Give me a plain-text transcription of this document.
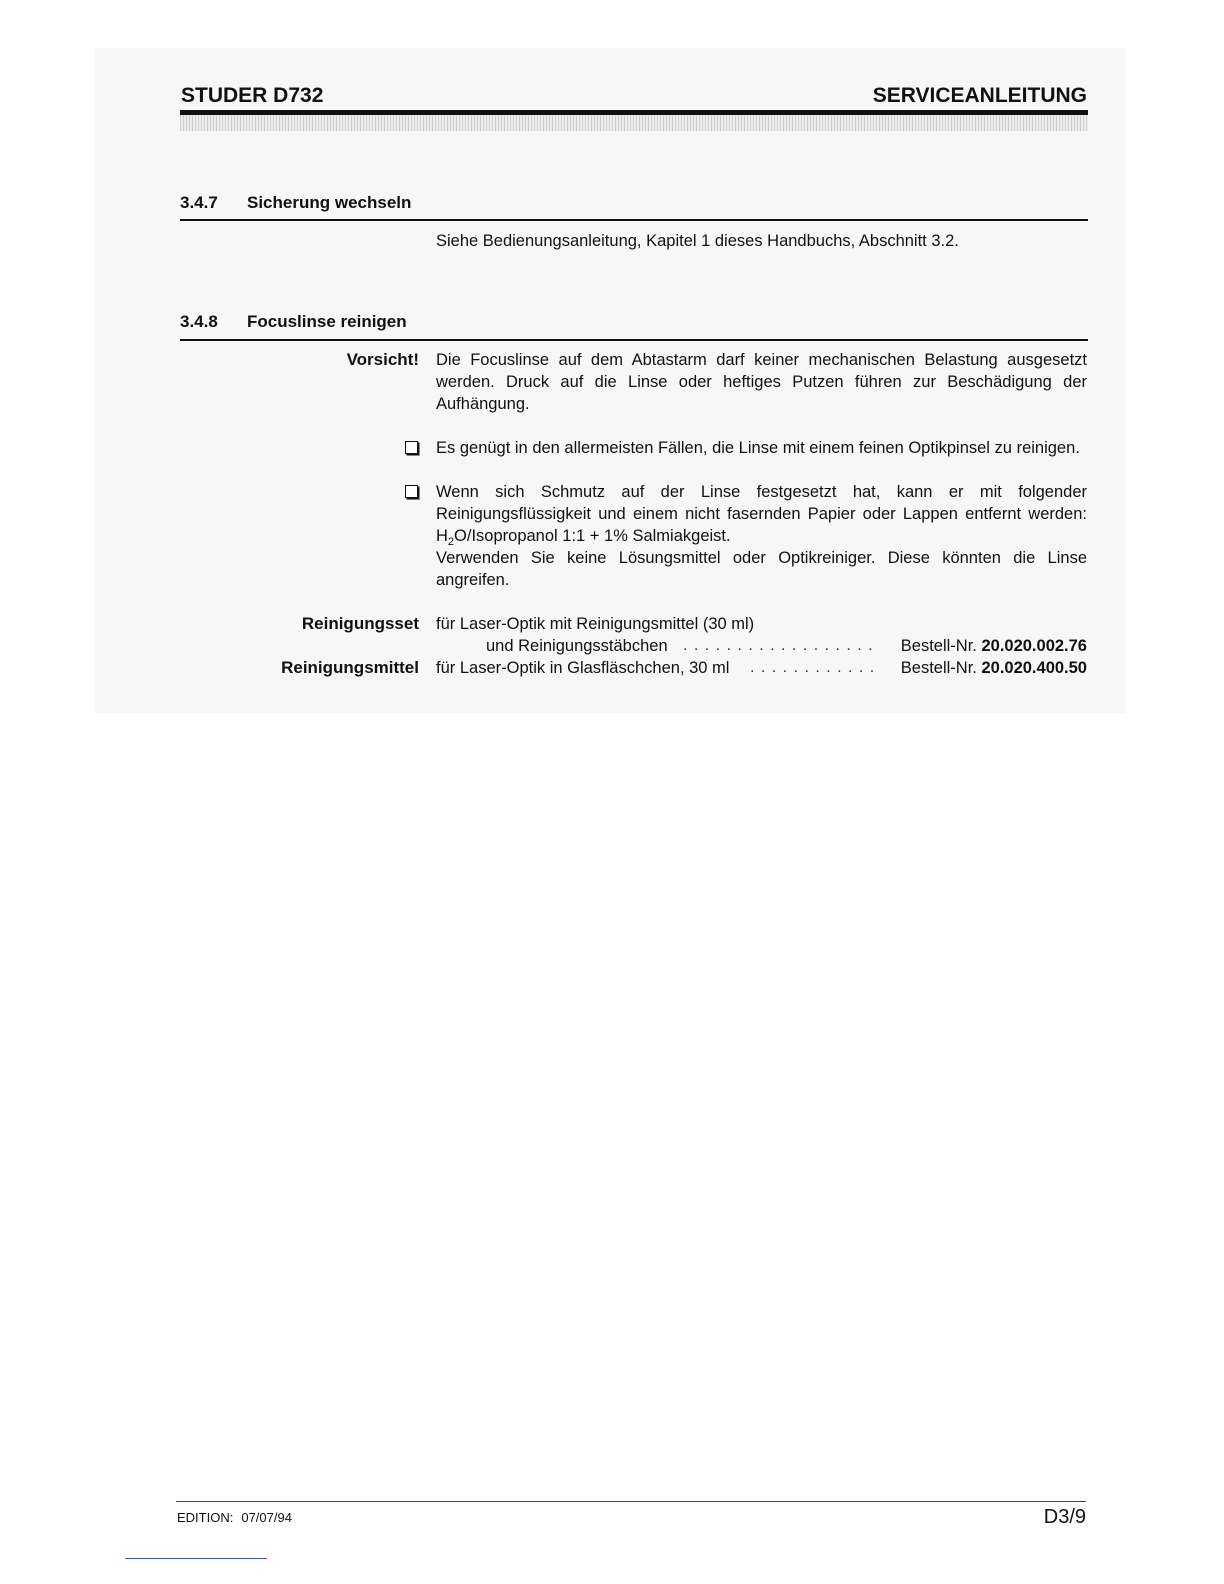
STUDER D732	SERVICEANLEITUNG
3.4.7 Sicherung wechseln
Siehe Bedienungsanleitung, Kapitel 1 dieses Handbuchs, Abschnitt 3.2.
3.4.8 Focuslinse reinigen
Vorsicht! Die Focuslinse auf dem Abtastarm darf keiner mechanischen Belastung ausgesetzt werden. Druck auf die Linse oder heftiges Putzen führen zur Beschädigung der Aufhängung.
Es genügt in den allermeisten Fällen, die Linse mit einem feinen Optikpinsel zu reinigen.
Wenn sich Schmutz auf der Linse festgesetzt hat, kann er mit folgender Reinigungsflüssigkeit und einem nicht fasernden Papier oder Lappen entfernt werden: $H_2O$/Isopropanol 1:1 + 1% Salmiakgeist.
Verwenden Sie keine Lösungsmittel oder Optikreiniger. Diese könnten die Linse angreifen.
Reinigungsset für Laser-Optik mit Reinigungsmittel (30 ml)
und Reinigungsstäbchen . . . . . . . . . . . . . . . . . .	Bestell-Nr. 20.020.002.76
Reinigungsmittel für Laser-Optik in Glasfläschchen, 30 ml . . . . . . . . . . . .	Bestell-Nr. 20.020.400.50
EDITION: 07/07/94	D3/9
